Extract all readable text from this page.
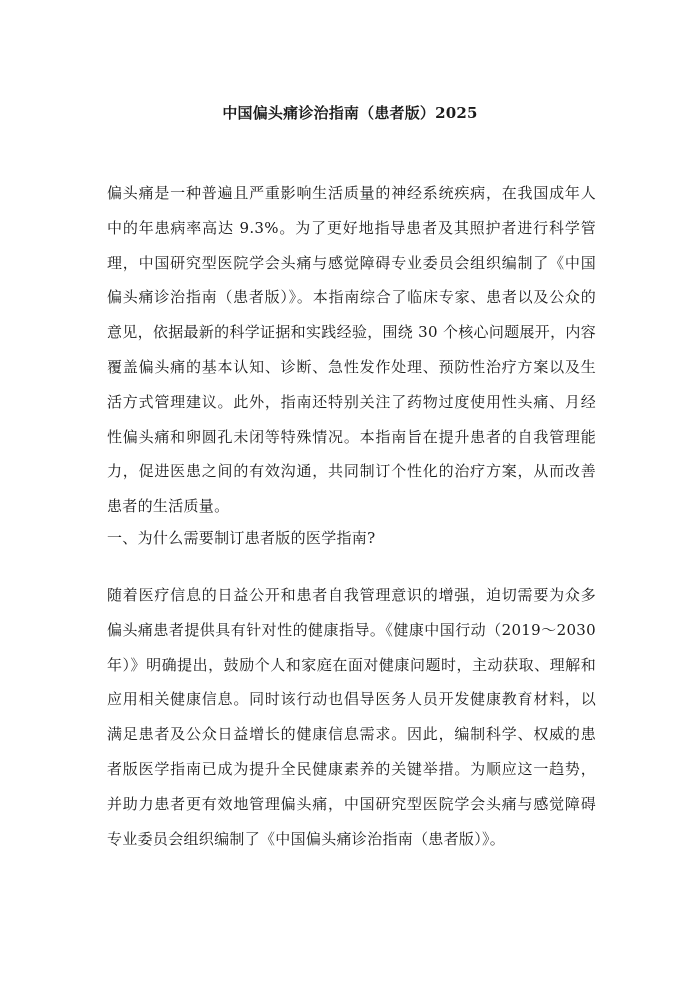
中国偏头痛诊治指南（患者版）2025

偏头痛是一种普遍且严重影响生活质量的神经系统疾病，在我国成年人中的年患病率高达 9.3%。为了更好地指导患者及其照护者进行科学管理，中国研究型医院学会头痛与感觉障碍专业委员会组织编制了《中国偏头痛诊治指南（患者版）》。本指南综合了临床专家、患者以及公众的意见，依据最新的科学证据和实践经验，围绕 30 个核心问题展开，内容覆盖偏头痛的基本认知、诊断、急性发作处理、预防性治疗方案以及生活方式管理建议。此外，指南还特别关注了药物过度使用性头痛、月经性偏头痛和卵圆孔未闭等特殊情况。本指南旨在提升患者的自我管理能力，促进医患之间的有效沟通，共同制订个性化的治疗方案，从而改善患者的生活质量。

一、为什么需要制订患者版的医学指南?

随着医疗信息的日益公开和患者自我管理意识的增强，迫切需要为众多偏头痛患者提供具有针对性的健康指导。《健康中国行动（2019～2030 年）》明确提出，鼓励个人和家庭在面对健康问题时，主动获取、理解和应用相关健康信息。同时该行动也倡导医务人员开发健康教育材料，以满足患者及公众日益增长的健康信息需求。因此，编制科学、权威的患者版医学指南已成为提升全民健康素养的关键举措。为顺应这一趋势，并助力患者更有效地管理偏头痛，中国研究型医院学会头痛与感觉障碍专业委员会组织编制了《中国偏头痛诊治指南（患者版）》。
